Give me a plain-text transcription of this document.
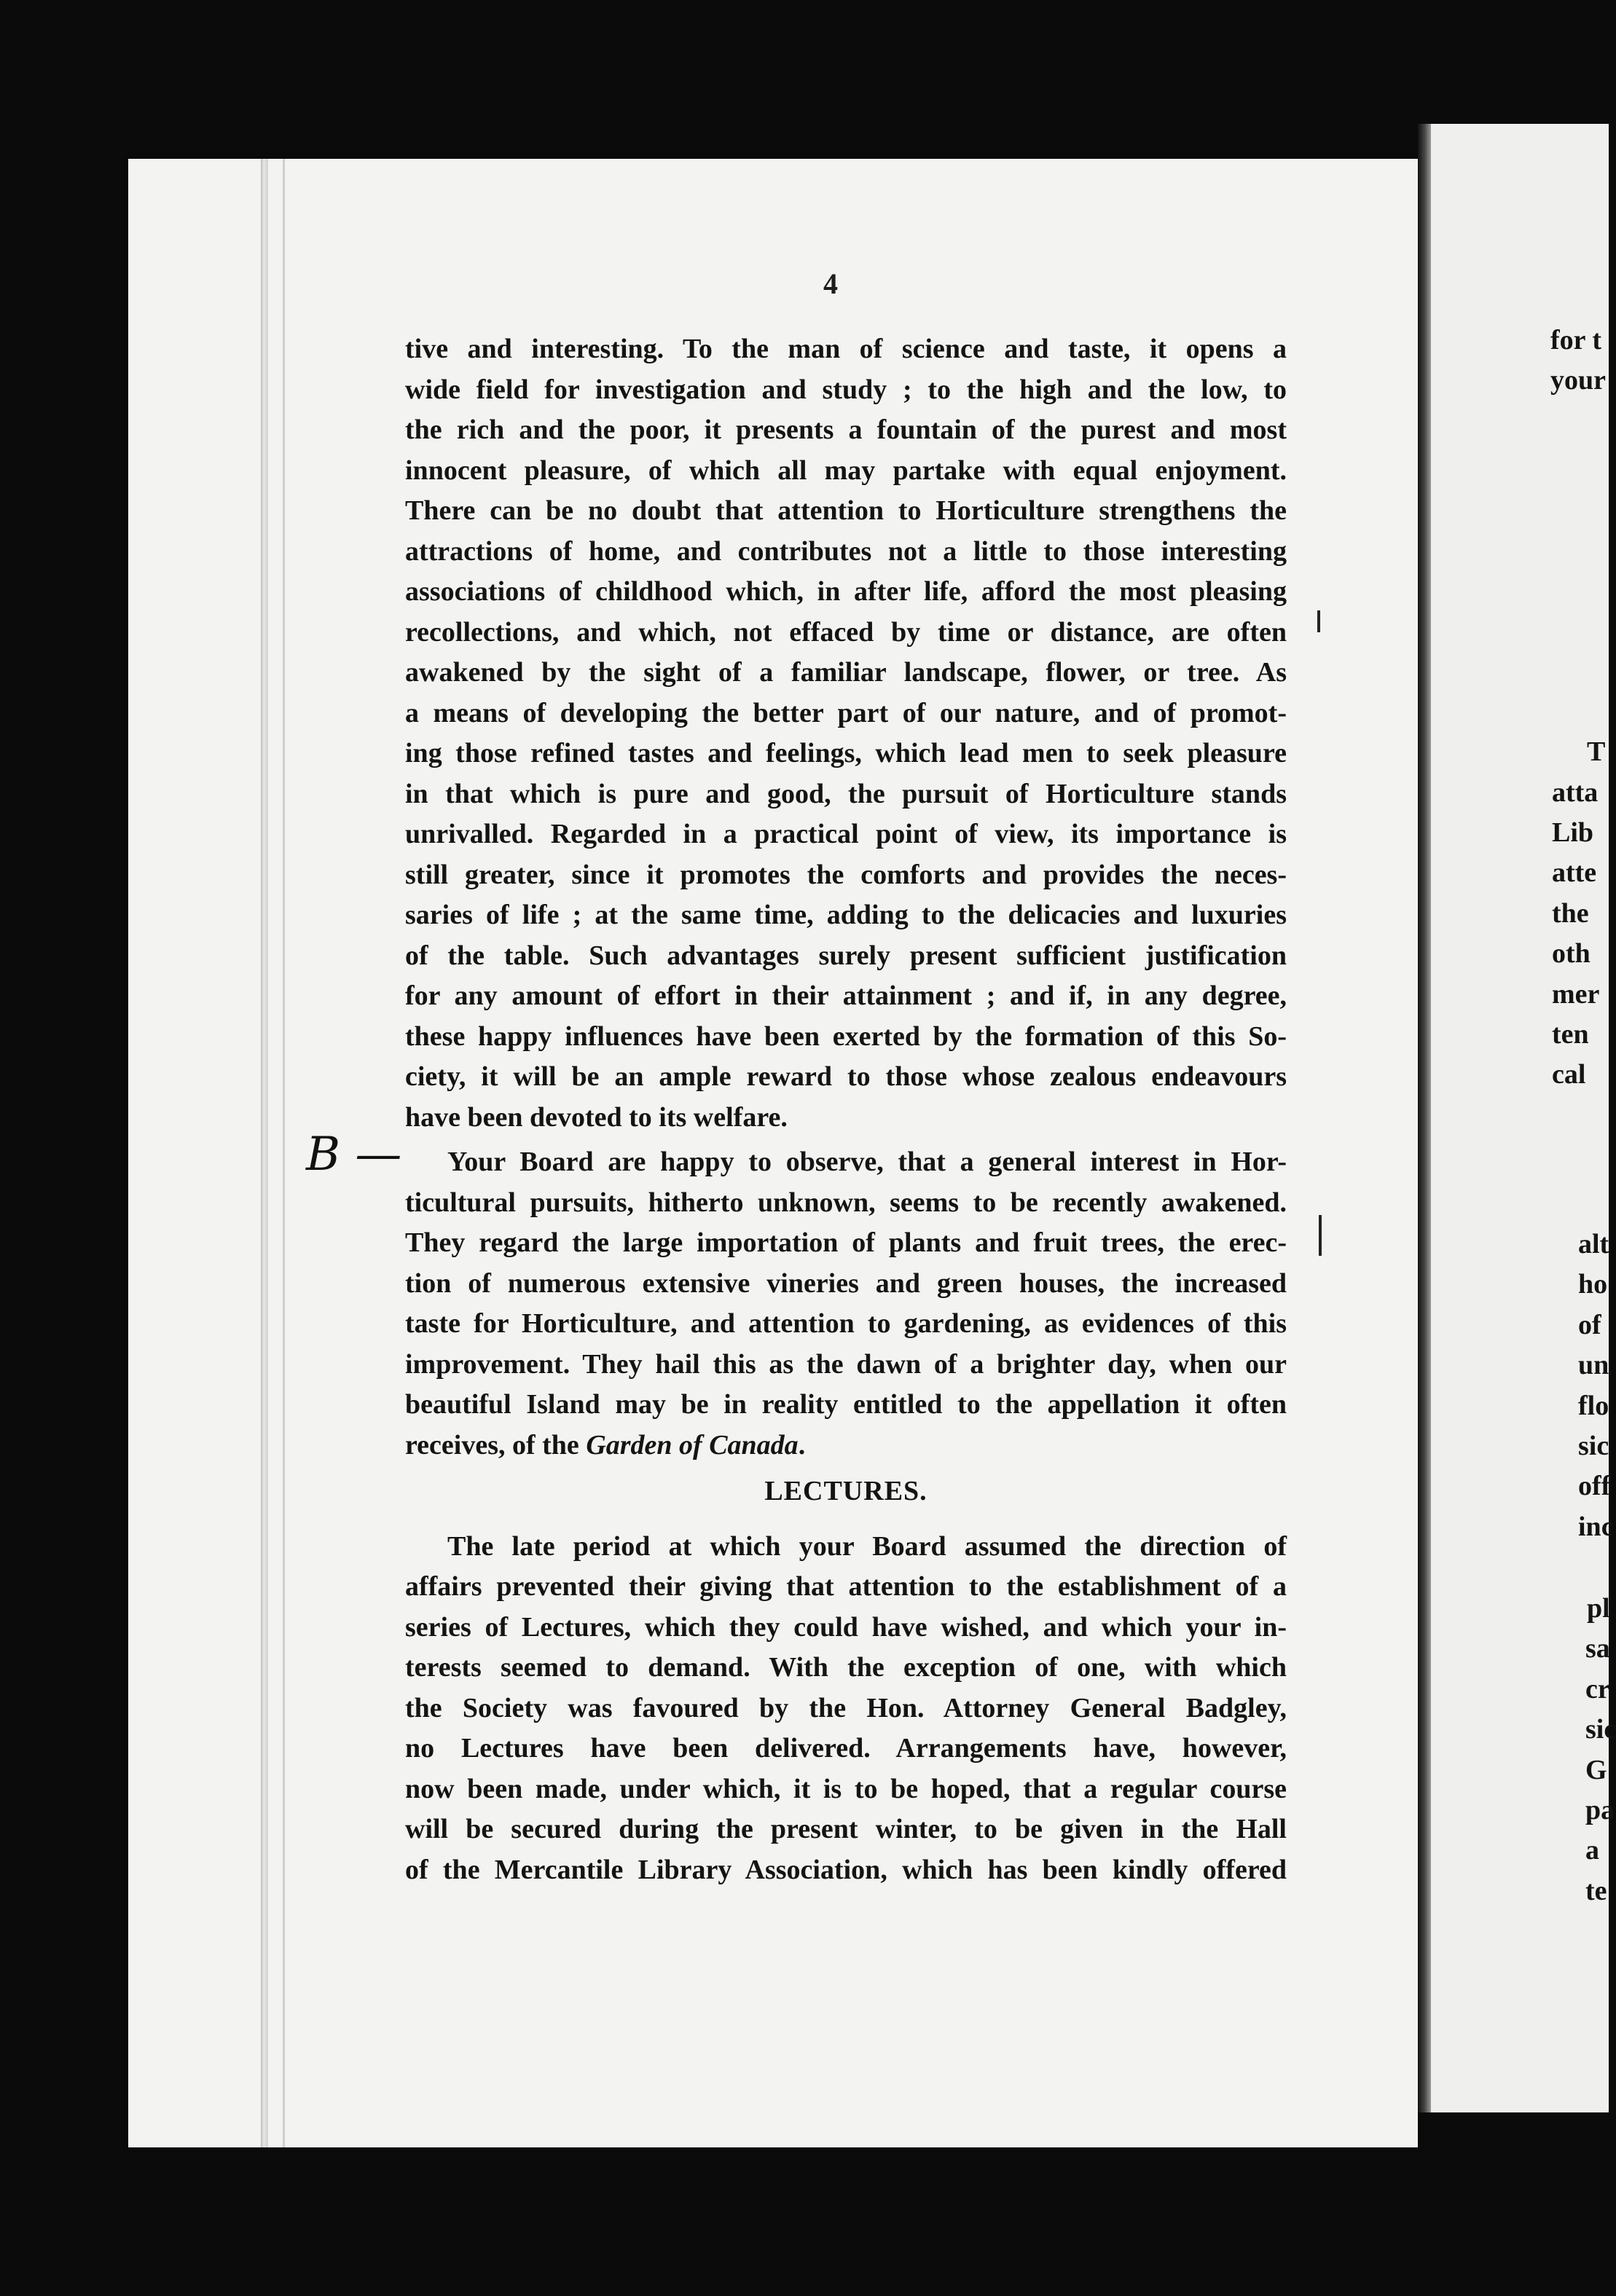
4
tive and interesting. To the man of science and taste, it opens a
wide field for investigation and study ; to the high and the low, to
the rich and the poor, it presents a fountain of the purest and most
innocent pleasure, of which all may partake with equal enjoyment.
There can be no doubt that attention to Horticulture strengthens the
attractions of home, and contributes not a little to those interesting
associations of childhood which, in after life, afford the most pleasing
recollections, and which, not effaced by time or distance, are often
awakened by the sight of a familiar landscape, flower, or tree. As
a means of developing the better part of our nature, and of promot-
ing those refined tastes and feelings, which lead men to seek pleasure
in that which is pure and good, the pursuit of Horticulture stands
unrivalled. Regarded in a practical point of view, its importance is
still greater, since it promotes the comforts and provides the neces-
saries of life ; at the same time, adding to the delicacies and luxuries
of the table. Such advantages surely present sufficient justification
for any amount of effort in their attainment ; and if, in any degree,
these happy influences have been exerted by the formation of this So-
ciety, it will be an ample reward to those whose zealous endeavours
have been devoted to its welfare.
Your Board are happy to observe, that a general interest in Hor-
ticultural pursuits, hitherto unknown, seems to be recently awakened.
They regard the large importation of plants and fruit trees, the erec-
tion of numerous extensive vineries and green houses, the increased
taste for Horticulture, and attention to gardening, as evidences of this
improvement. They hail this as the dawn of a brighter day, when our
beautiful Island may be in reality entitled to the appellation it often
receives, of the Garden of Canada.
LECTURES.
The late period at which your Board assumed the direction of
affairs prevented their giving that attention to the establishment of a
series of Lectures, which they could have wished, and which your in-
terests seemed to demand. With the exception of one, with which
the Society was favoured by the Hon. Attorney General Badgley,
no Lectures have been delivered. Arrangements have, however,
now been made, under which, it is to be hoped, that a regular course
will be secured during the present winter, to be given in the Hall
of the Mercantile Library Association, which has been kindly offered
B —
for t
your
T
atta
Lib
atte
the
oth
mer
ten
cal
alt
ho
of
un
flo
sic
off
inc
pl
sa
cr
sic
G
pa
a
te
